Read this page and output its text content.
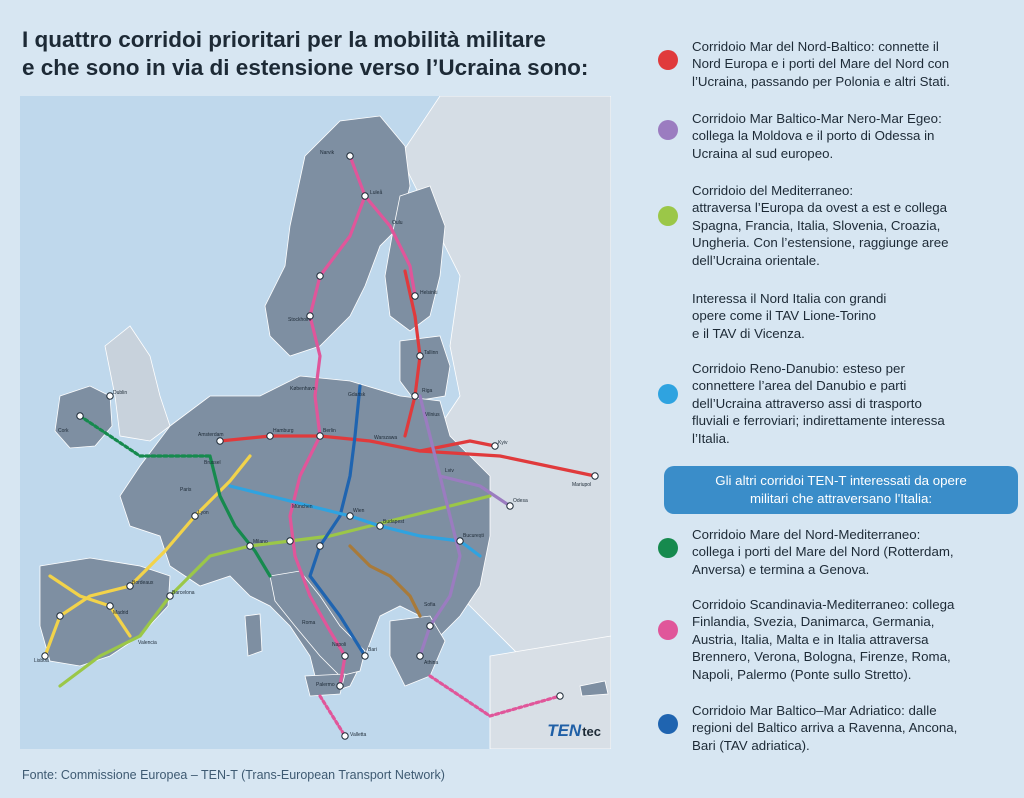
I quattro corridoi prioritari per la mobilità militare
e che sono in via di estensione verso l’Ucraina sono:
Narvik
Luleå
Oulu
Stockholm
Helsinki
Tallinn
Riga
Vilnius
Kyiv
Mariupol
Warszawa
Berlin
Hamburg
Amsterdam
Brussel
Paris
Lyon
Milano
Roma
Napoli
Palermo
Valletta
Wien
Budapest
București
Sofia
Athina
Odesa
Madrid
Lisboa
Barcelona
Dublin
Bordeaux
Valencia
København
Gdańsk
München
Lviv
Cork
Bari
TENtec
Fonte: Commissione Europea – TEN-T (Trans-European Transport Network)

Corridoio Mar del Nord-Baltico: connette il
Nord Europa e i porti del Mare del Nord con
l’Ucraina, passando per Polonia e altri Stati.

Corridoio Mar Baltico-Mar Nero-Mar Egeo:
collega la Moldova e il porto di Odessa in
Ucraina al sud europeo.

Corridoio del Mediterraneo:
attraversa l’Europa da ovest a est e collega
Spagna, Francia, Italia, Slovenia, Croazia,
Ungheria. Con l’estensione, raggiunge aree
dell’Ucraina orientale.

Interessa il Nord Italia con grandi
opere come il TAV Lione-Torino
e il TAV di Vicenza.

Corridoio Reno-Danubio: esteso per
connettere l’area del Danubio e parti
dell’Ucraina attraverso assi di trasporto
fluviali e ferroviari; indirettamente interessa
l’Italia.

Gli altri corridoi TEN-T interessati da opere
militari che attraversano l'Italia:

Corridoio Mare del Nord-Mediterraneo:
collega i porti del Mare del Nord (Rotterdam,
Anversa) e termina a Genova.

Corridoio Scandinavia-Mediterraneo: collega
Finlandia, Svezia, Danimarca, Germania,
Austria, Italia, Malta e in Italia attraversa
Brennero, Verona, Bologna, Firenze, Roma,
Napoli, Palermo (Ponte sullo Stretto).

Corridoio Mar Baltico–Mar Adriatico: dalle
regioni del Baltico arriva a Ravenna, Ancona,
Bari (TAV adriatica).
